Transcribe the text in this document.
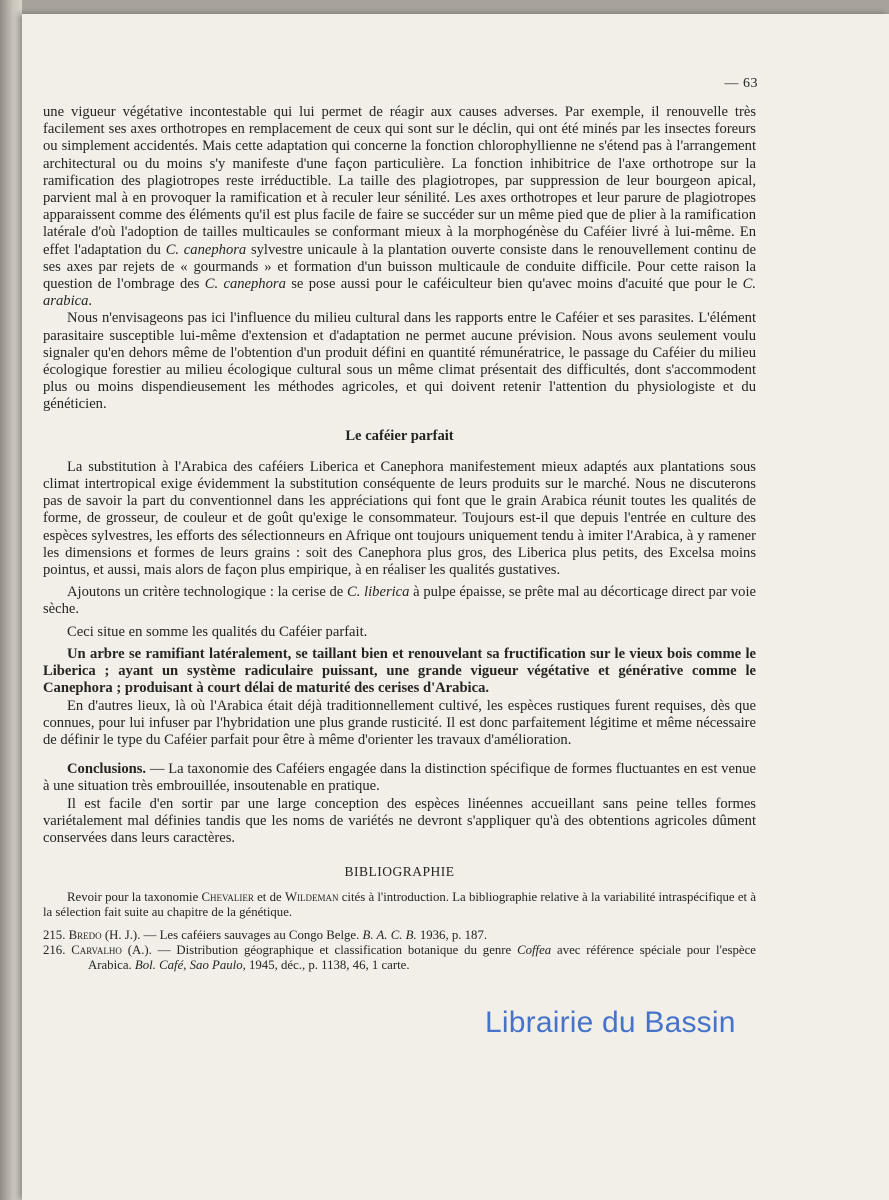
— 63

une vigueur végétative incontestable qui lui permet de réagir aux causes adverses. Par exemple, il renouvelle très facilement ses axes orthotropes en remplacement de ceux qui sont sur le déclin, qui ont été minés par les insectes foreurs ou simplement accidentés. Mais cette adaptation qui concerne la fonction chlorophyllienne ne s'étend pas à l'arrangement architectural ou du moins s'y manifeste d'une façon particulière. La fonction inhibitrice de l'axe orthotrope sur la ramification des plagiotropes reste irréductible. La taille des plagiotropes, par suppression de leur bourgeon apical, parvient mal à en provoquer la ramification et à reculer leur sénilité. Les axes orthotropes et leur parure de plagiotropes apparaissent comme des éléments qu'il est plus facile de faire se succéder sur un même pied que de plier à la ramification latérale d'où l'adoption de tailles multicaules se conformant mieux à la morphogénèse du Caféier livré à lui-même. En effet l'adaptation du C. canephora sylvestre unicaule à la plantation ouverte consiste dans le renouvellement continu de ses axes par rejets de « gourmands » et formation d'un buisson multicaule de conduite difficile. Pour cette raison la question de l'ombrage des C. canephora se pose aussi pour le caféiculteur bien qu'avec moins d'acuité que pour le C. arabica.

Nous n'envisageons pas ici l'influence du milieu cultural dans les rapports entre le Caféier et ses parasites. L'élément parasitaire susceptible lui-même d'extension et d'adaptation ne permet aucune prévision. Nous avons seulement voulu signaler qu'en dehors même de l'obtention d'un produit défini en quantité rémunératrice, le passage du Caféier du milieu écologique forestier au milieu écologique cultural sous un même climat présentait des difficultés, dont s'accommodent plus ou moins dispendieusement les méthodes agricoles, et qui doivent retenir l'attention du physiologiste et du généticien.

Le caféier parfait

La substitution à l'Arabica des caféiers Liberica et Canephora manifestement mieux adaptés aux plantations sous climat intertropical exige évidemment la substitution conséquente de leurs produits sur le marché. Nous ne discuterons pas de savoir la part du conventionnel dans les appréciations qui font que le grain Arabica réunit toutes les qualités de forme, de grosseur, de couleur et de goût qu'exige le consommateur. Toujours est-il que depuis l'entrée en culture des espèces sylvestres, les efforts des sélectionneurs en Afrique ont toujours uniquement tendu à imiter l'Arabica, à y ramener les dimensions et formes de leurs grains : soit des Canephora plus gros, des Liberica plus petits, des Excelsa moins pointus, et aussi, mais alors de façon plus empirique, à en réaliser les qualités gustatives.

Ajoutons un critère technologique : la cerise de C. liberica à pulpe épaisse, se prête mal au décorticage direct par voie sèche.

Ceci situe en somme les qualités du Caféier parfait.

Un arbre se ramifiant latéralement, se taillant bien et renouvelant sa fructification sur le vieux bois comme le Liberica ; ayant un système radiculaire puissant, une grande vigueur végétative et générative comme le Canephora ; produisant à court délai de maturité des cerises d'Arabica.

En d'autres lieux, là où l'Arabica était déjà traditionnellement cultivé, les espèces rustiques furent requises, dès que connues, pour lui infuser par l'hybridation une plus grande rusticité. Il est donc parfaitement légitime et même nécessaire de définir le type du Caféier parfait pour être à même d'orienter les travaux d'amélioration.

Conclusions. — La taxonomie des Caféiers engagée dans la distinction spécifique de formes fluctuantes en est venue à une situation très embrouillée, insoutenable en pratique.

Il est facile d'en sortir par une large conception des espèces linéennes accueillant sans peine telles formes variétalement mal définies tandis que les noms de variétés ne devront s'appliquer qu'à des obtentions agricoles dûment conservées dans leurs caractères.

BIBLIOGRAPHIE

Revoir pour la taxonomie Chevalier et de Wildeman cités à l'introduction. La bibliographie relative à la variabilité intraspécifique et à la sélection fait suite au chapitre de la génétique.

215. Bredo (H. J.). — Les caféiers sauvages au Congo Belge. B. A. C. B. 1936, p. 187.

216. Carvalho (A.). — Distribution géographique et classification botanique du genre Coffea avec référence spéciale pour l'espèce Arabica. Bol. Café, Sao Paulo, 1945, déc., p. 1138, 46, 1 carte.

Librairie du Bassin
